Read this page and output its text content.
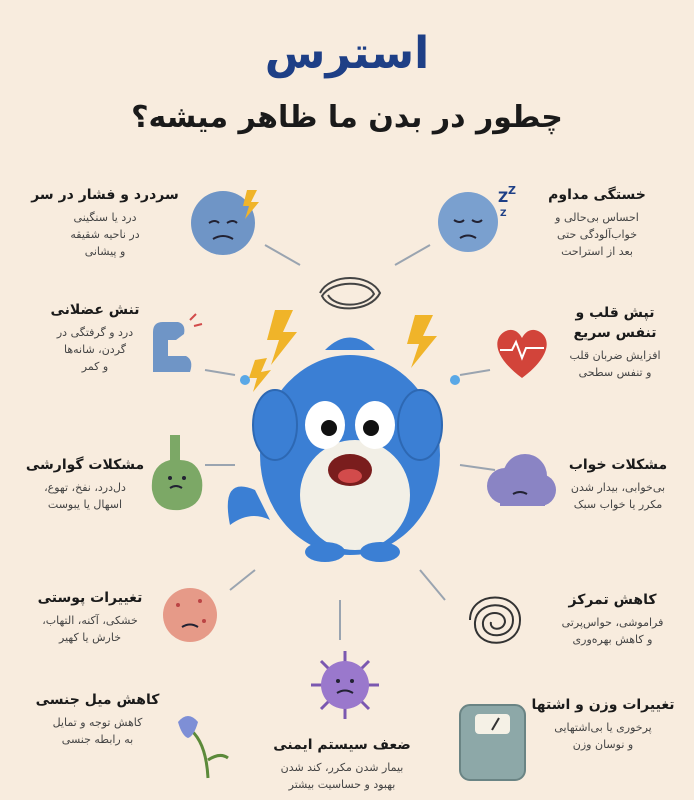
استرس
چطور در بدن ما ظاهر میشه؟
سردرد و فشار در سر
درد یا سنگینی
در ناحیه شقیقه
و پیشانی
خستگی مداوم
احساس بی‌حالی و
خواب‌آلودگی حتی
بعد از استراحت
Z Z
Z
تنش عضلانی
درد و گرفتگی در
گردن، شانه‌ها
و کمر
تپش قلب و
تنفس سریع
افزایش ضربان قلب
و تنفس سطحی
مشکلات گوارشی
دل‌درد، نفخ، تهوع،
اسهال یا یبوست
مشکلات خواب
بی‌خوابی، بیدار شدن
مکرر یا خواب سبک
تغییرات پوستی
خشکی، آکنه، التهاب،
خارش یا کهیر
کاهش تمرکز
فراموشی، حواس‌پرتی
و کاهش بهره‌وری
کاهش میل جنسی
کاهش توجه و تمایل
به رابطه جنسی	ضعف سیستم ایمنی
بیمار شدن مکرر، کند شدن
بهبود و حساسیت بیشتر
تغییرات وزن و اشتها
پرخوری یا بی‌اشتهایی
و نوسان وزن
